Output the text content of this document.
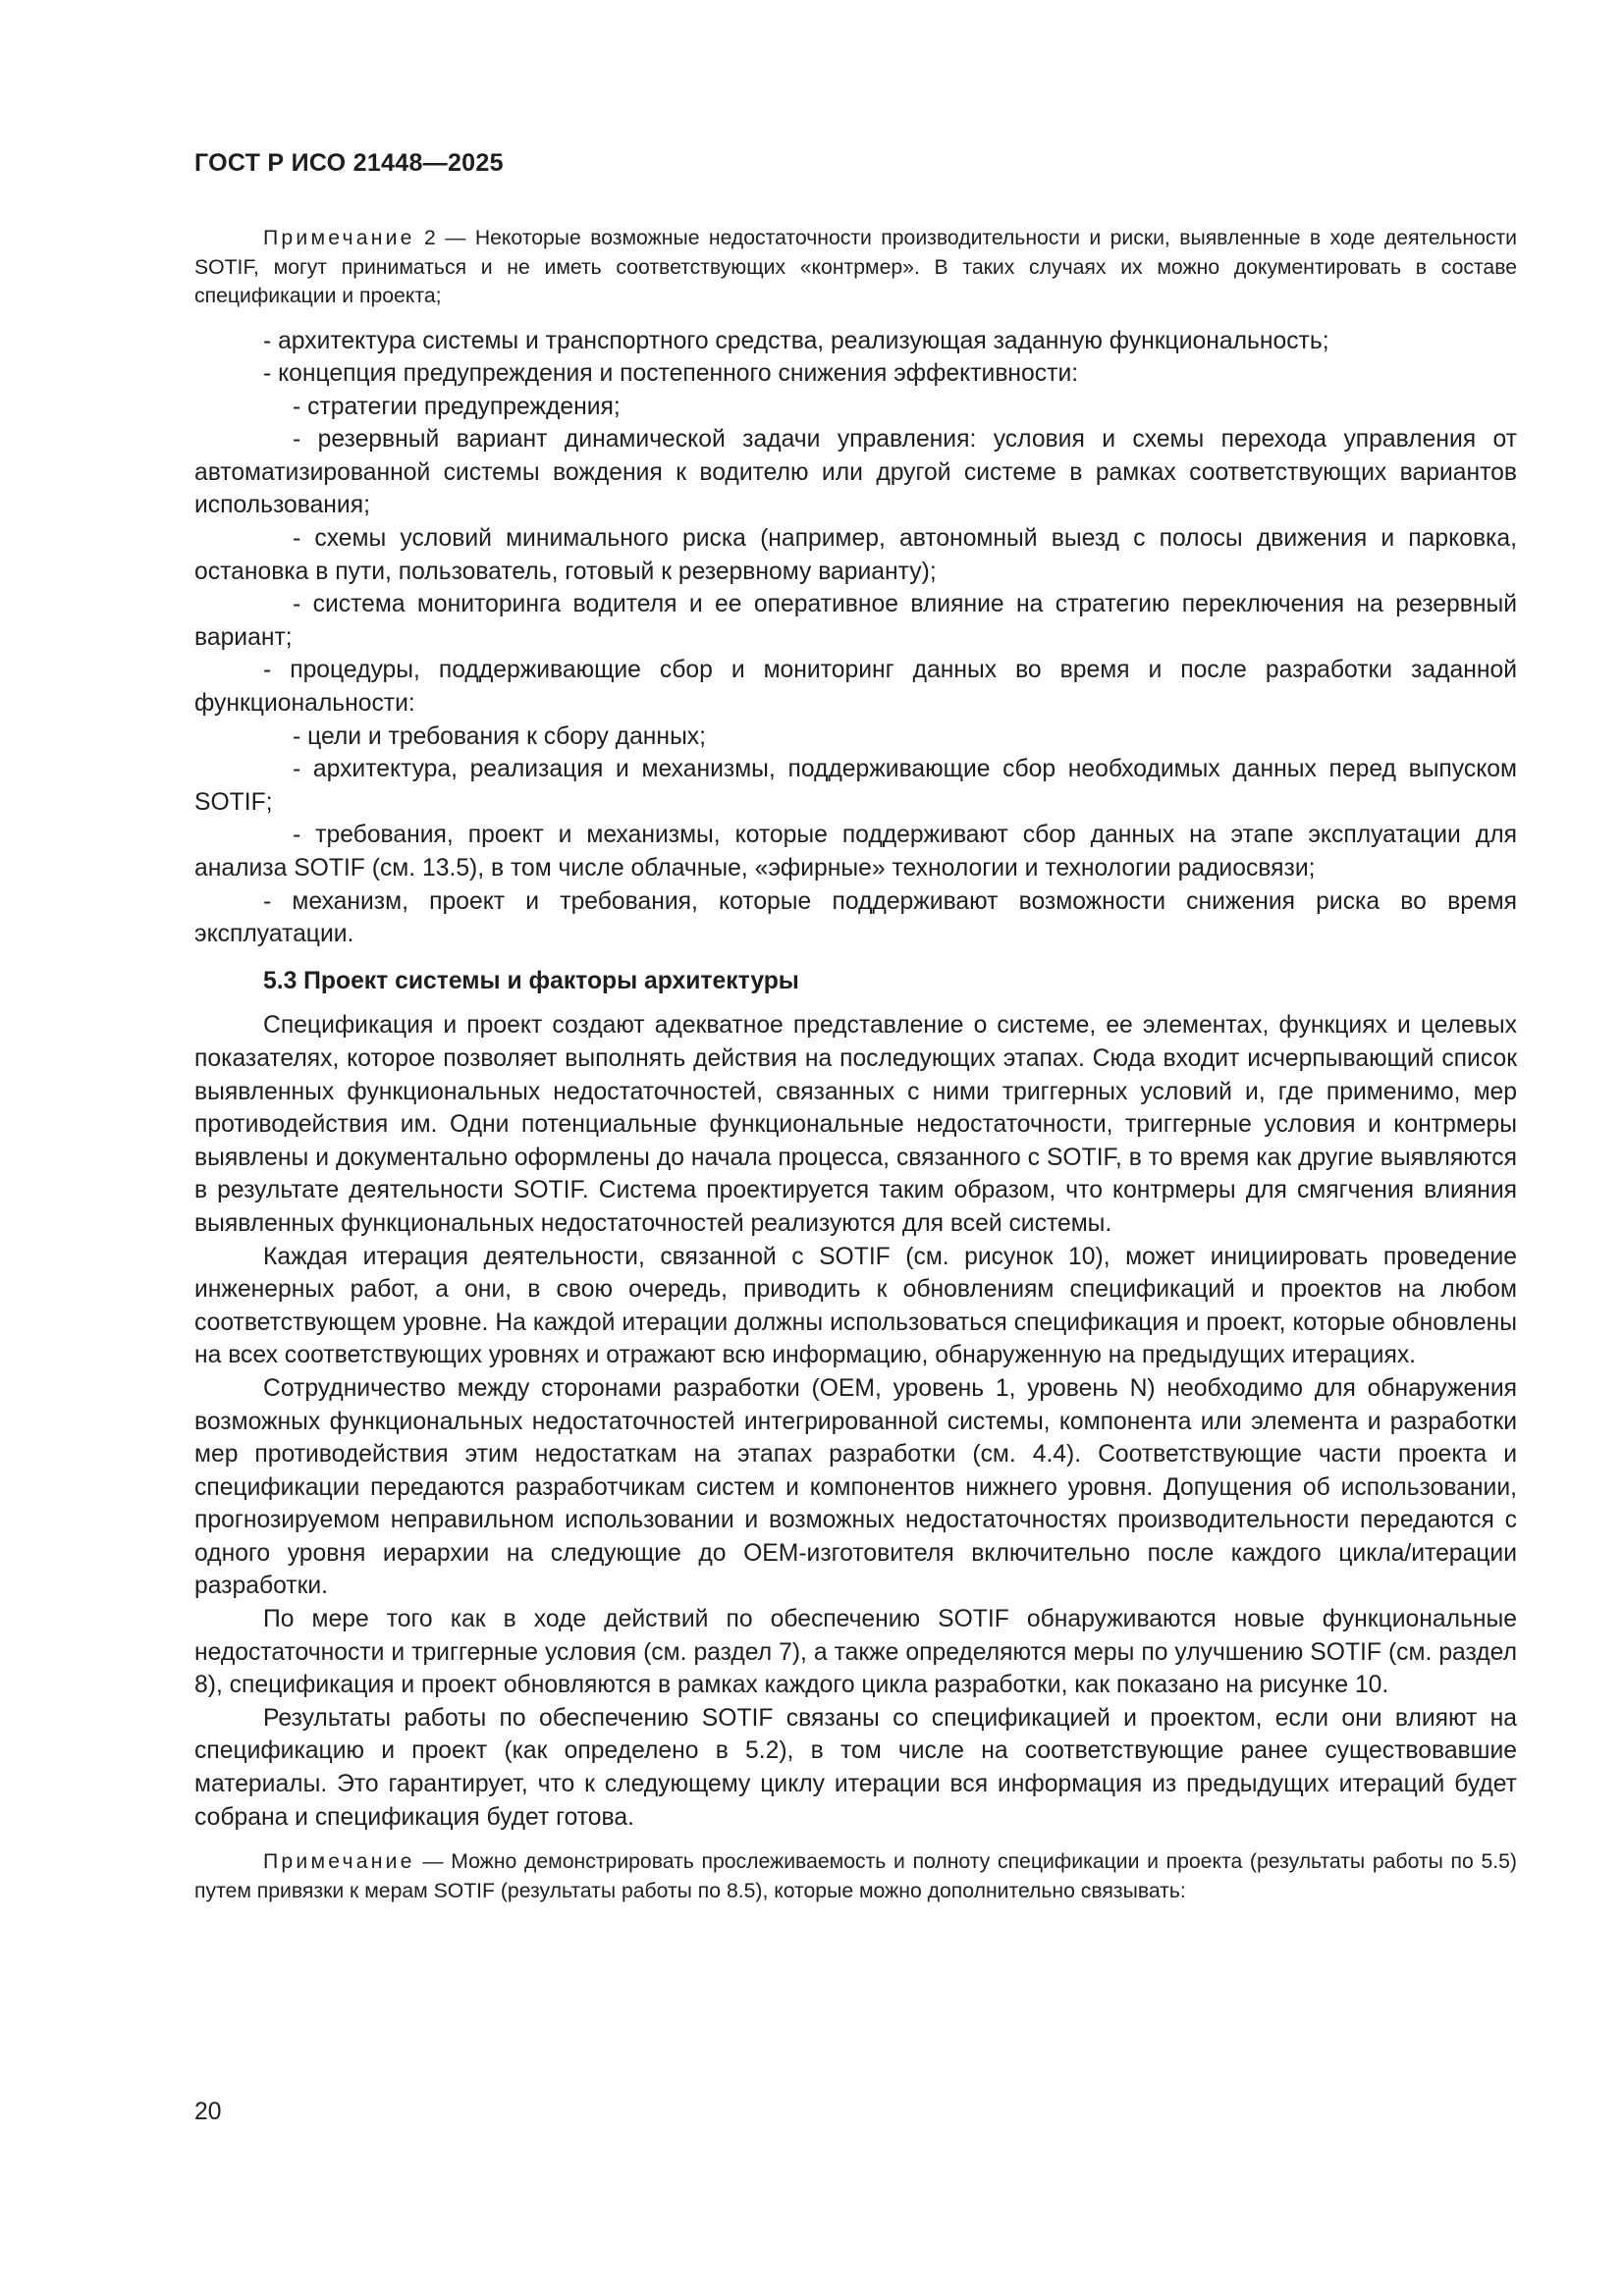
ГОСТ Р ИСО 21448—2025

Примечание 2 — Некоторые возможные недостаточности производительности и риски, выявленные в ходе деятельности SOTIF, могут приниматься и не иметь соответствующих «контрмер». В таких случаях их можно документировать в составе спецификации и проекта;

- архитектура системы и транспортного средства, реализующая заданную функциональность;

- концепция предупреждения и постепенного снижения эффективности:

- стратегии предупреждения;

- резервный вариант динамической задачи управления: условия и схемы перехода управления от автоматизированной системы вождения к водителю или другой системе в рамках соответствующих вариантов использования;

- схемы условий минимального риска (например, автономный выезд с полосы движения и парковка, остановка в пути, пользователь, готовый к резервному варианту);

- система мониторинга водителя и ее оперативное влияние на стратегию переключения на резервный вариант;

- процедуры, поддерживающие сбор и мониторинг данных во время и после разработки заданной функциональности:

- цели и требования к сбору данных;

- архитектура, реализация и механизмы, поддерживающие сбор необходимых данных перед выпуском SOTIF;

- требования, проект и механизмы, которые поддерживают сбор данных на этапе эксплуатации для анализа SOTIF (см. 13.5), в том числе облачные, «эфирные» технологии и технологии радиосвязи;

- механизм, проект и требования, которые поддерживают возможности снижения риска во время эксплуатации.

5.3 Проект системы и факторы архитектуры

Спецификация и проект создают адекватное представление о системе, ее элементах, функциях и целевых показателях, которое позволяет выполнять действия на последующих этапах. Сюда входит исчерпывающий список выявленных функциональных недостаточностей, связанных с ними триггерных условий и, где применимо, мер противодействия им. Одни потенциальные функциональные недостаточности, триггерные условия и контрмеры выявлены и документально оформлены до начала процесса, связанного с SOTIF, в то время как другие выявляются в результате деятельности SOTIF. Система проектируется таким образом, что контрмеры для смягчения влияния выявленных функциональных недостаточностей реализуются для всей системы.

Каждая итерация деятельности, связанной с SOTIF (см. рисунок 10), может инициировать проведение инженерных работ, а они, в свою очередь, приводить к обновлениям спецификаций и проектов на любом соответствующем уровне. На каждой итерации должны использоваться спецификация и проект, которые обновлены на всех соответствующих уровнях и отражают всю информацию, обнаруженную на предыдущих итерациях.

Сотрудничество между сторонами разработки (OEM, уровень 1, уровень N) необходимо для обнаружения возможных функциональных недостаточностей интегрированной системы, компонента или элемента и разработки мер противодействия этим недостаткам на этапах разработки (см. 4.4). Соответствующие части проекта и спецификации передаются разработчикам систем и компонентов нижнего уровня. Допущения об использовании, прогнозируемом неправильном использовании и возможных недостаточностях производительности передаются с одного уровня иерархии на следующие до OEM-изготовителя включительно после каждого цикла/итерации разработки.

По мере того как в ходе действий по обеспечению SOTIF обнаруживаются новые функциональные недостаточности и триггерные условия (см. раздел 7), а также определяются меры по улучшению SOTIF (см. раздел 8), спецификация и проект обновляются в рамках каждого цикла разработки, как показано на рисунке 10.

Результаты работы по обеспечению SOTIF связаны со спецификацией и проектом, если они влияют на спецификацию и проект (как определено в 5.2), в том числе на соответствующие ранее существовавшие материалы. Это гарантирует, что к следующему циклу итерации вся информация из предыдущих итераций будет собрана и спецификация будет готова.

Примечание — Можно демонстрировать прослеживаемость и полноту спецификации и проекта (результаты работы по 5.5) путем привязки к мерам SOTIF (результаты работы по 8.5), которые можно дополнительно связывать:

20
